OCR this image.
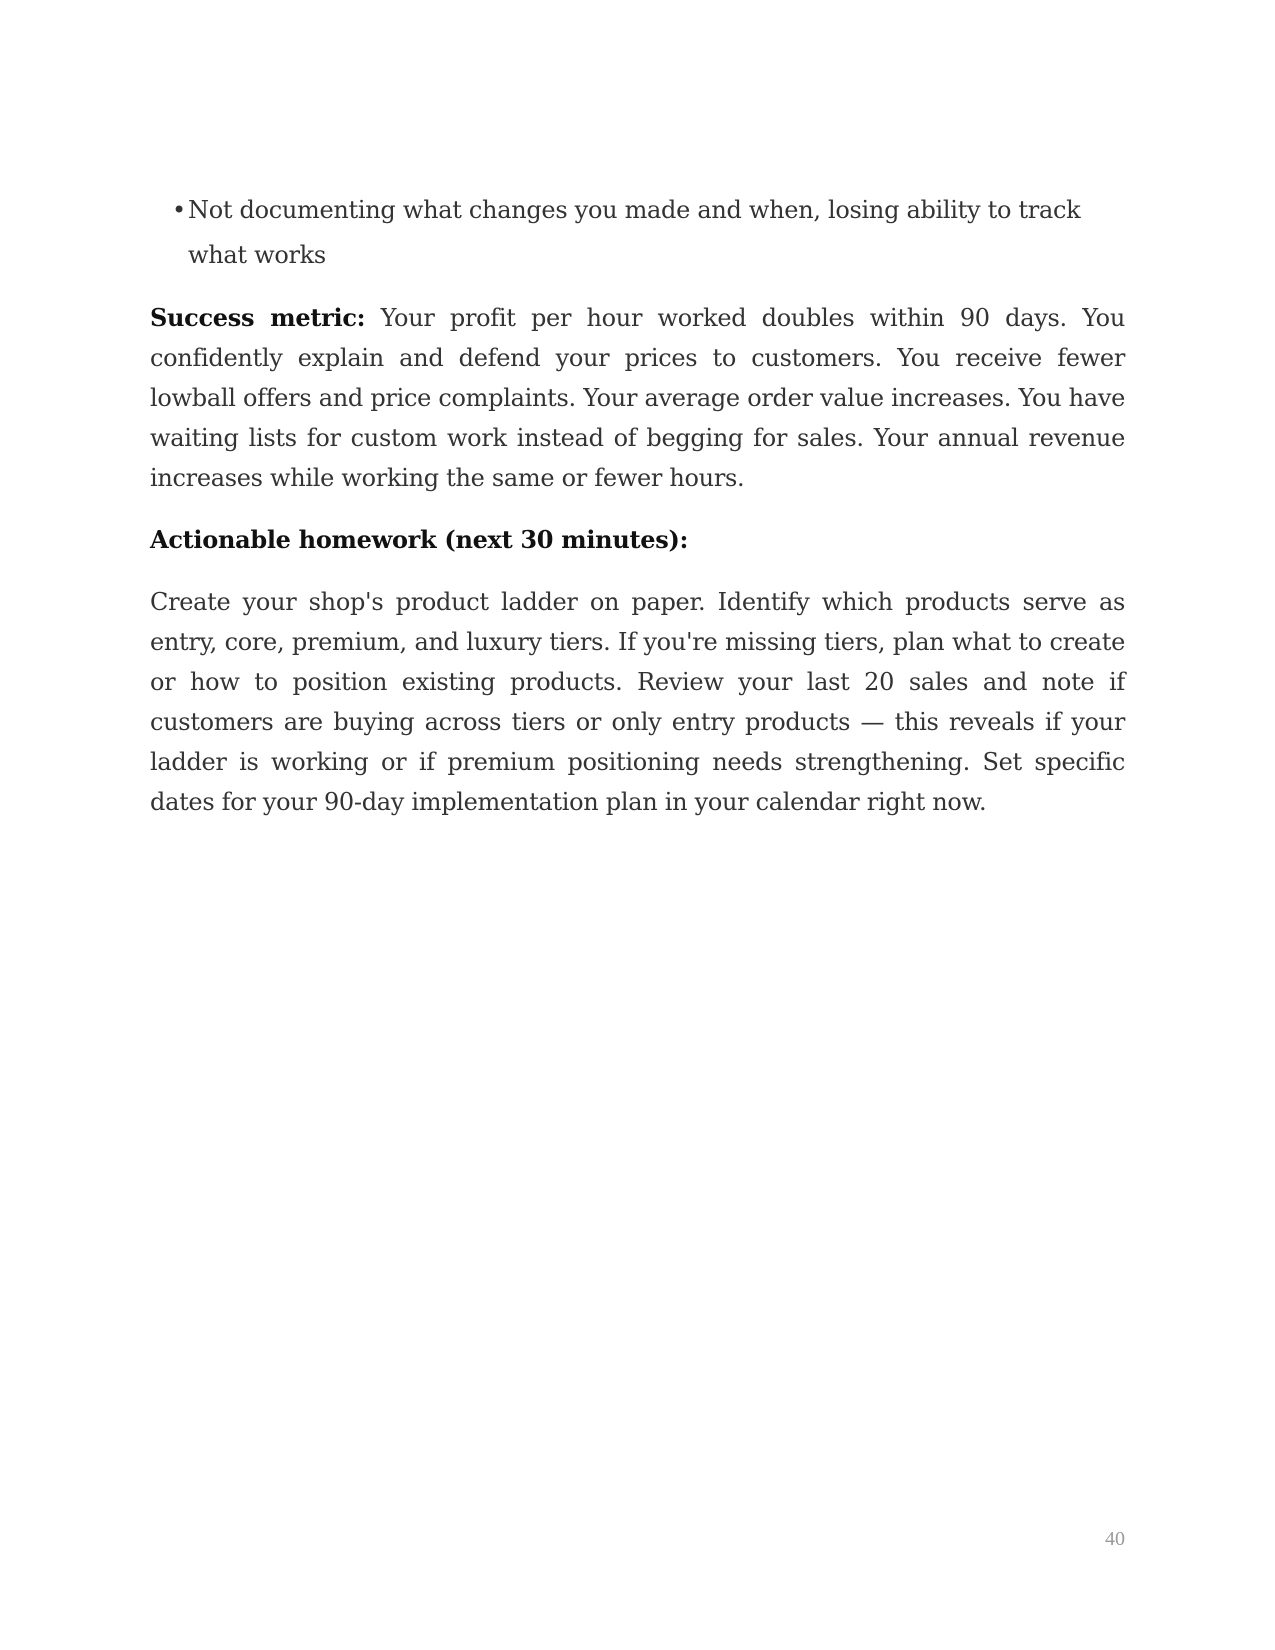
• Not documenting what changes you made and when, losing ability to track what works

Success metric: Your profit per hour worked doubles within 90 days. You confidently explain and defend your prices to customers. You receive fewer lowball offers and price complaints. Your average order value increases. You have waiting lists for custom work instead of begging for sales. Your annual revenue increases while working the same or fewer hours.

Actionable homework (next 30 minutes):

Create your shop's product ladder on paper. Identify which products serve as entry, core, premium, and luxury tiers. If you're missing tiers, plan what to create or how to position existing products. Review your last 20 sales and note if customers are buying across tiers or only entry products — this reveals if your ladder is working or if premium positioning needs strengthening. Set specific dates for your 90-day implementation plan in your calendar right now.

40
